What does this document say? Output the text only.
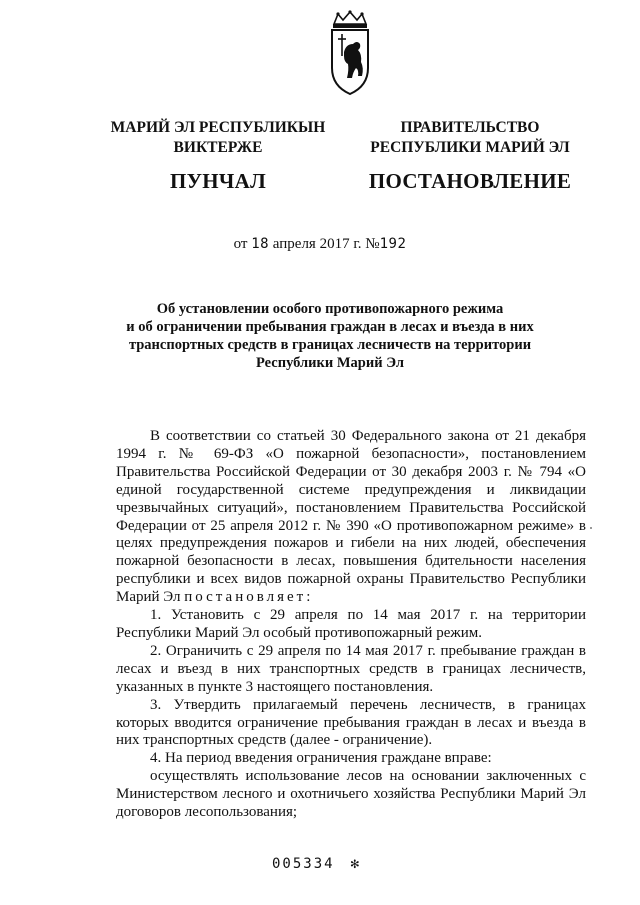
МАРИЙ ЭЛ РЕСПУБЛИКЫН
ВИКТЕРЖЕ
ПУНЧАЛ
ПРАВИТЕЛЬСТВО
РЕСПУБЛИКИ МАРИЙ ЭЛ
ПОСТАНОВЛЕНИЕ
от 18 апреля 2017 г. №192
Об установлении особого противопожарного режима
и об ограничении пребывания граждан в лесах и въезда в них
транспортных средств в границах лесничеств на территории
Республики Марий Эл

В соответствии со статьей 30 Федерального закона от 21 декабря 1994 г. № 69-ФЗ «О пожарной безопасности», постановлением Правительства Российской Федерации от 30 декабря 2003 г. № 794 «О единой государственной системе предупреждения и ликвидации чрезвычайных ситуаций», постановлением Правительства Российской Федерации от 25 апреля 2012 г. № 390 «О противопожарном режиме» в целях предупреждения пожаров и гибели на них людей, обеспечения пожарной безопасности в лесах, повышения бдительности населения республики и всех видов пожарной охраны Правительство Республики Марий Эл постановляет:

1. Установить с 29 апреля по 14 мая 2017 г. на территории Республики Марий Эл особый противопожарный режим.

2. Ограничить с 29 апреля по 14 мая 2017 г. пребывание граждан в лесах и въезд в них транспортных средств в границах лесничеств, указанных в пункте 3 настоящего постановления.

3. Утвердить прилагаемый перечень лесничеств, в границах которых вводится ограничение пребывания граждан в лесах и въезда в них транспортных средств (далее - ограничение).

4. На период введения ограничения граждане вправе:

осуществлять использование лесов на основании заключенных с Министерством лесного и охотничьего хозяйства Республики Марий Эл договоров лесопользования;

005334 ✻
